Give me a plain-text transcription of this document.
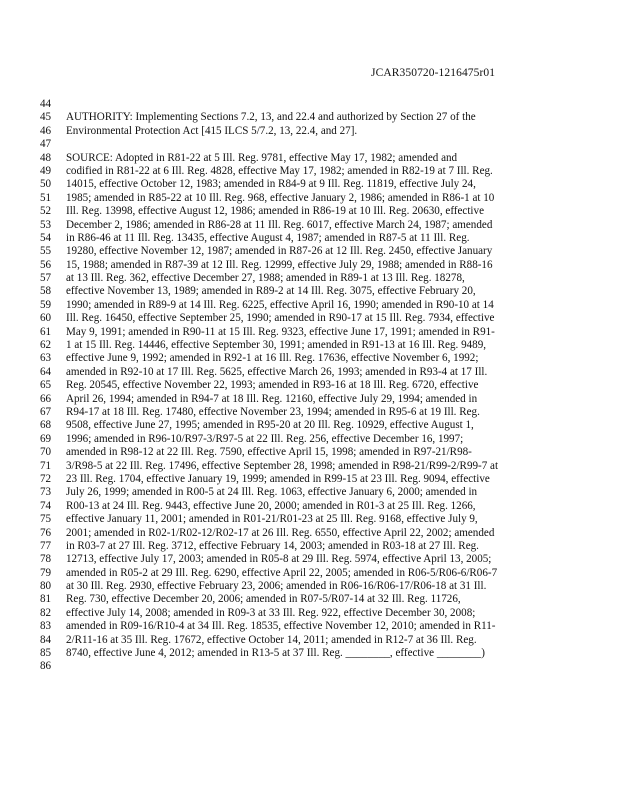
JCAR350720-1216475r01
44
45	AUTHORITY: Implementing Sections 7.2, 13, and 22.4 and authorized by Section 27 of the
46	Environmental Protection Act [415 ILCS 5/7.2, 13, 22.4, and 27].
47
48	SOURCE: Adopted in R81-22 at 5 Ill. Reg. 9781, effective May 17, 1982; amended and
49	codified in R81-22 at 6 Ill. Reg. 4828, effective May 17, 1982; amended in R82-19 at 7 Ill. Reg.
50	14015, effective October 12, 1983; amended in R84-9 at 9 Ill. Reg. 11819, effective July 24,
51	1985; amended in R85-22 at 10 Ill. Reg. 968, effective January 2, 1986; amended in R86-1 at 10
52	Ill. Reg. 13998, effective August 12, 1986; amended in R86-19 at 10 Ill. Reg. 20630, effective
53	December 2, 1986; amended in R86-28 at 11 Ill. Reg. 6017, effective March 24, 1987; amended
54	in R86-46 at 11 Ill. Reg. 13435, effective August 4, 1987; amended in R87-5 at 11 Ill. Reg.
55	19280, effective November 12, 1987; amended in R87-26 at 12 Ill. Reg. 2450, effective January
56	15, 1988; amended in R87-39 at 12 Ill. Reg. 12999, effective July 29, 1988; amended in R88-16
57	at 13 Ill. Reg. 362, effective December 27, 1988; amended in R89-1 at 13 Ill. Reg. 18278,
58	effective November 13, 1989; amended in R89-2 at 14 Ill. Reg. 3075, effective February 20,
59	1990; amended in R89-9 at 14 Ill. Reg. 6225, effective April 16, 1990; amended in R90-10 at 14
60	Ill. Reg. 16450, effective September 25, 1990; amended in R90-17 at 15 Ill. Reg. 7934, effective
61	May 9, 1991; amended in R90-11 at 15 Ill. Reg. 9323, effective June 17, 1991; amended in R91-
62	1 at 15 Ill. Reg. 14446, effective September 30, 1991; amended in R91-13 at 16 Ill. Reg. 9489,
63	effective June 9, 1992; amended in R92-1 at 16 Ill. Reg. 17636, effective November 6, 1992;
64	amended in R92-10 at 17 Ill. Reg. 5625, effective March 26, 1993; amended in R93-4 at 17 Ill.
65	Reg. 20545, effective November 22, 1993; amended in R93-16 at 18 Ill. Reg. 6720, effective
66	April 26, 1994; amended in R94-7 at 18 Ill. Reg. 12160, effective July 29, 1994; amended in
67	R94-17 at 18 Ill. Reg. 17480, effective November 23, 1994; amended in R95-6 at 19 Ill. Reg.
68	9508, effective June 27, 1995; amended in R95-20 at 20 Ill. Reg. 10929, effective August 1,
69	1996; amended in R96-10/R97-3/R97-5 at 22 Ill. Reg. 256, effective December 16, 1997;
70	amended in R98-12 at 22 Ill. Reg. 7590, effective April 15, 1998; amended in R97-21/R98-
71	3/R98-5 at 22 Ill. Reg. 17496, effective September 28, 1998; amended in R98-21/R99-2/R99-7 at
72	23 Ill. Reg. 1704, effective January 19, 1999; amended in R99-15 at 23 Ill. Reg. 9094, effective
73	July 26, 1999; amended in R00-5 at 24 Ill. Reg. 1063, effective January 6, 2000; amended in
74	R00-13 at 24 Ill. Reg. 9443, effective June 20, 2000; amended in R01-3 at 25 Ill. Reg. 1266,
75	effective January 11, 2001; amended in R01-21/R01-23 at 25 Ill. Reg. 9168, effective July 9,
76	2001; amended in R02-1/R02-12/R02-17 at 26 Ill. Reg. 6550, effective April 22, 2002; amended
77	in R03-7 at 27 Ill. Reg. 3712, effective February 14, 2003; amended in R03-18 at 27 Ill. Reg.
78	12713, effective July 17, 2003; amended in R05-8 at 29 Ill. Reg. 5974, effective April 13, 2005;
79	amended in R05-2 at 29 Ill. Reg. 6290, effective April 22, 2005; amended in R06-5/R06-6/R06-7
80	at 30 Ill. Reg. 2930, effective February 23, 2006; amended in R06-16/R06-17/R06-18 at 31 Ill.
81	Reg. 730, effective December 20, 2006; amended in R07-5/R07-14 at 32 Ill. Reg. 11726,
82	effective July 14, 2008; amended in R09-3 at 33 Ill. Reg. 922, effective December 30, 2008;
83	amended in R09-16/R10-4 at 34 Ill. Reg. 18535, effective November 12, 2010; amended in R11-
84	2/R11-16 at 35 Ill. Reg. 17672, effective October 14, 2011; amended in R12-7 at 36 Ill. Reg.
85	8740, effective June 4, 2012; amended in R13-5 at 37 Ill. Reg. ________, effective ________)
86
